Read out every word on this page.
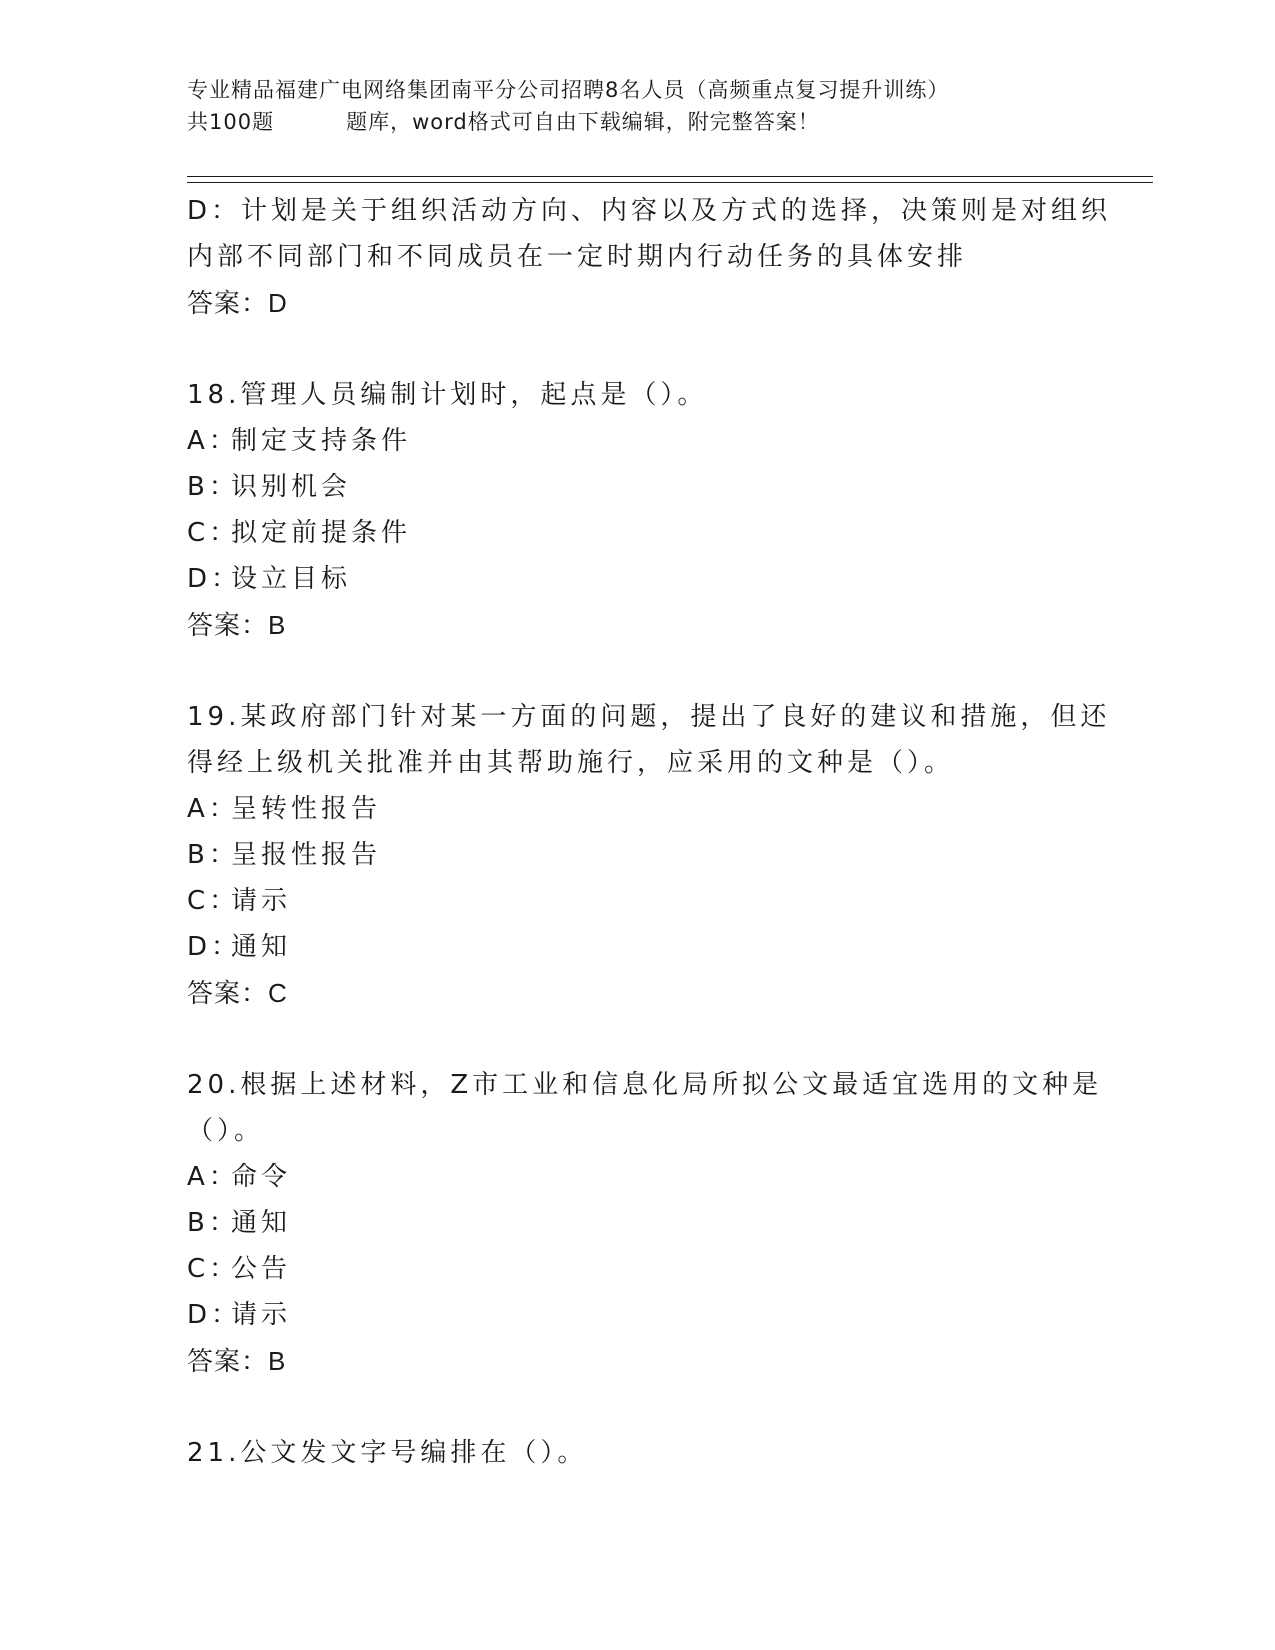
专业精品福建广电网络集团南平分公司招聘8名人员（高频重点复习提升训练）
共100题	题库，word格式可自由下载编辑，附完整答案！
D：计划是关于组织活动方向、内容以及方式的选择，决策则是对组织
内部不同部门和不同成员在一定时期内行动任务的具体安排
答案：D
18.管理人员编制计划时，起点是（）。
A：制定支持条件
B：识别机会
C：拟定前提条件
D：设立目标
答案：B
19.某政府部门针对某一方面的问题，提出了良好的建议和措施，但还
得经上级机关批准并由其帮助施行，应采用的文种是（）。
A：呈转性报告
B：呈报性报告
C：请示
D：通知
答案：C
20.根据上述材料，Z市工业和信息化局所拟公文最适宜选用的文种是
（）。
A：命令
B：通知
C：公告
D：请示
答案：B
21.公文发文字号编排在（）。
